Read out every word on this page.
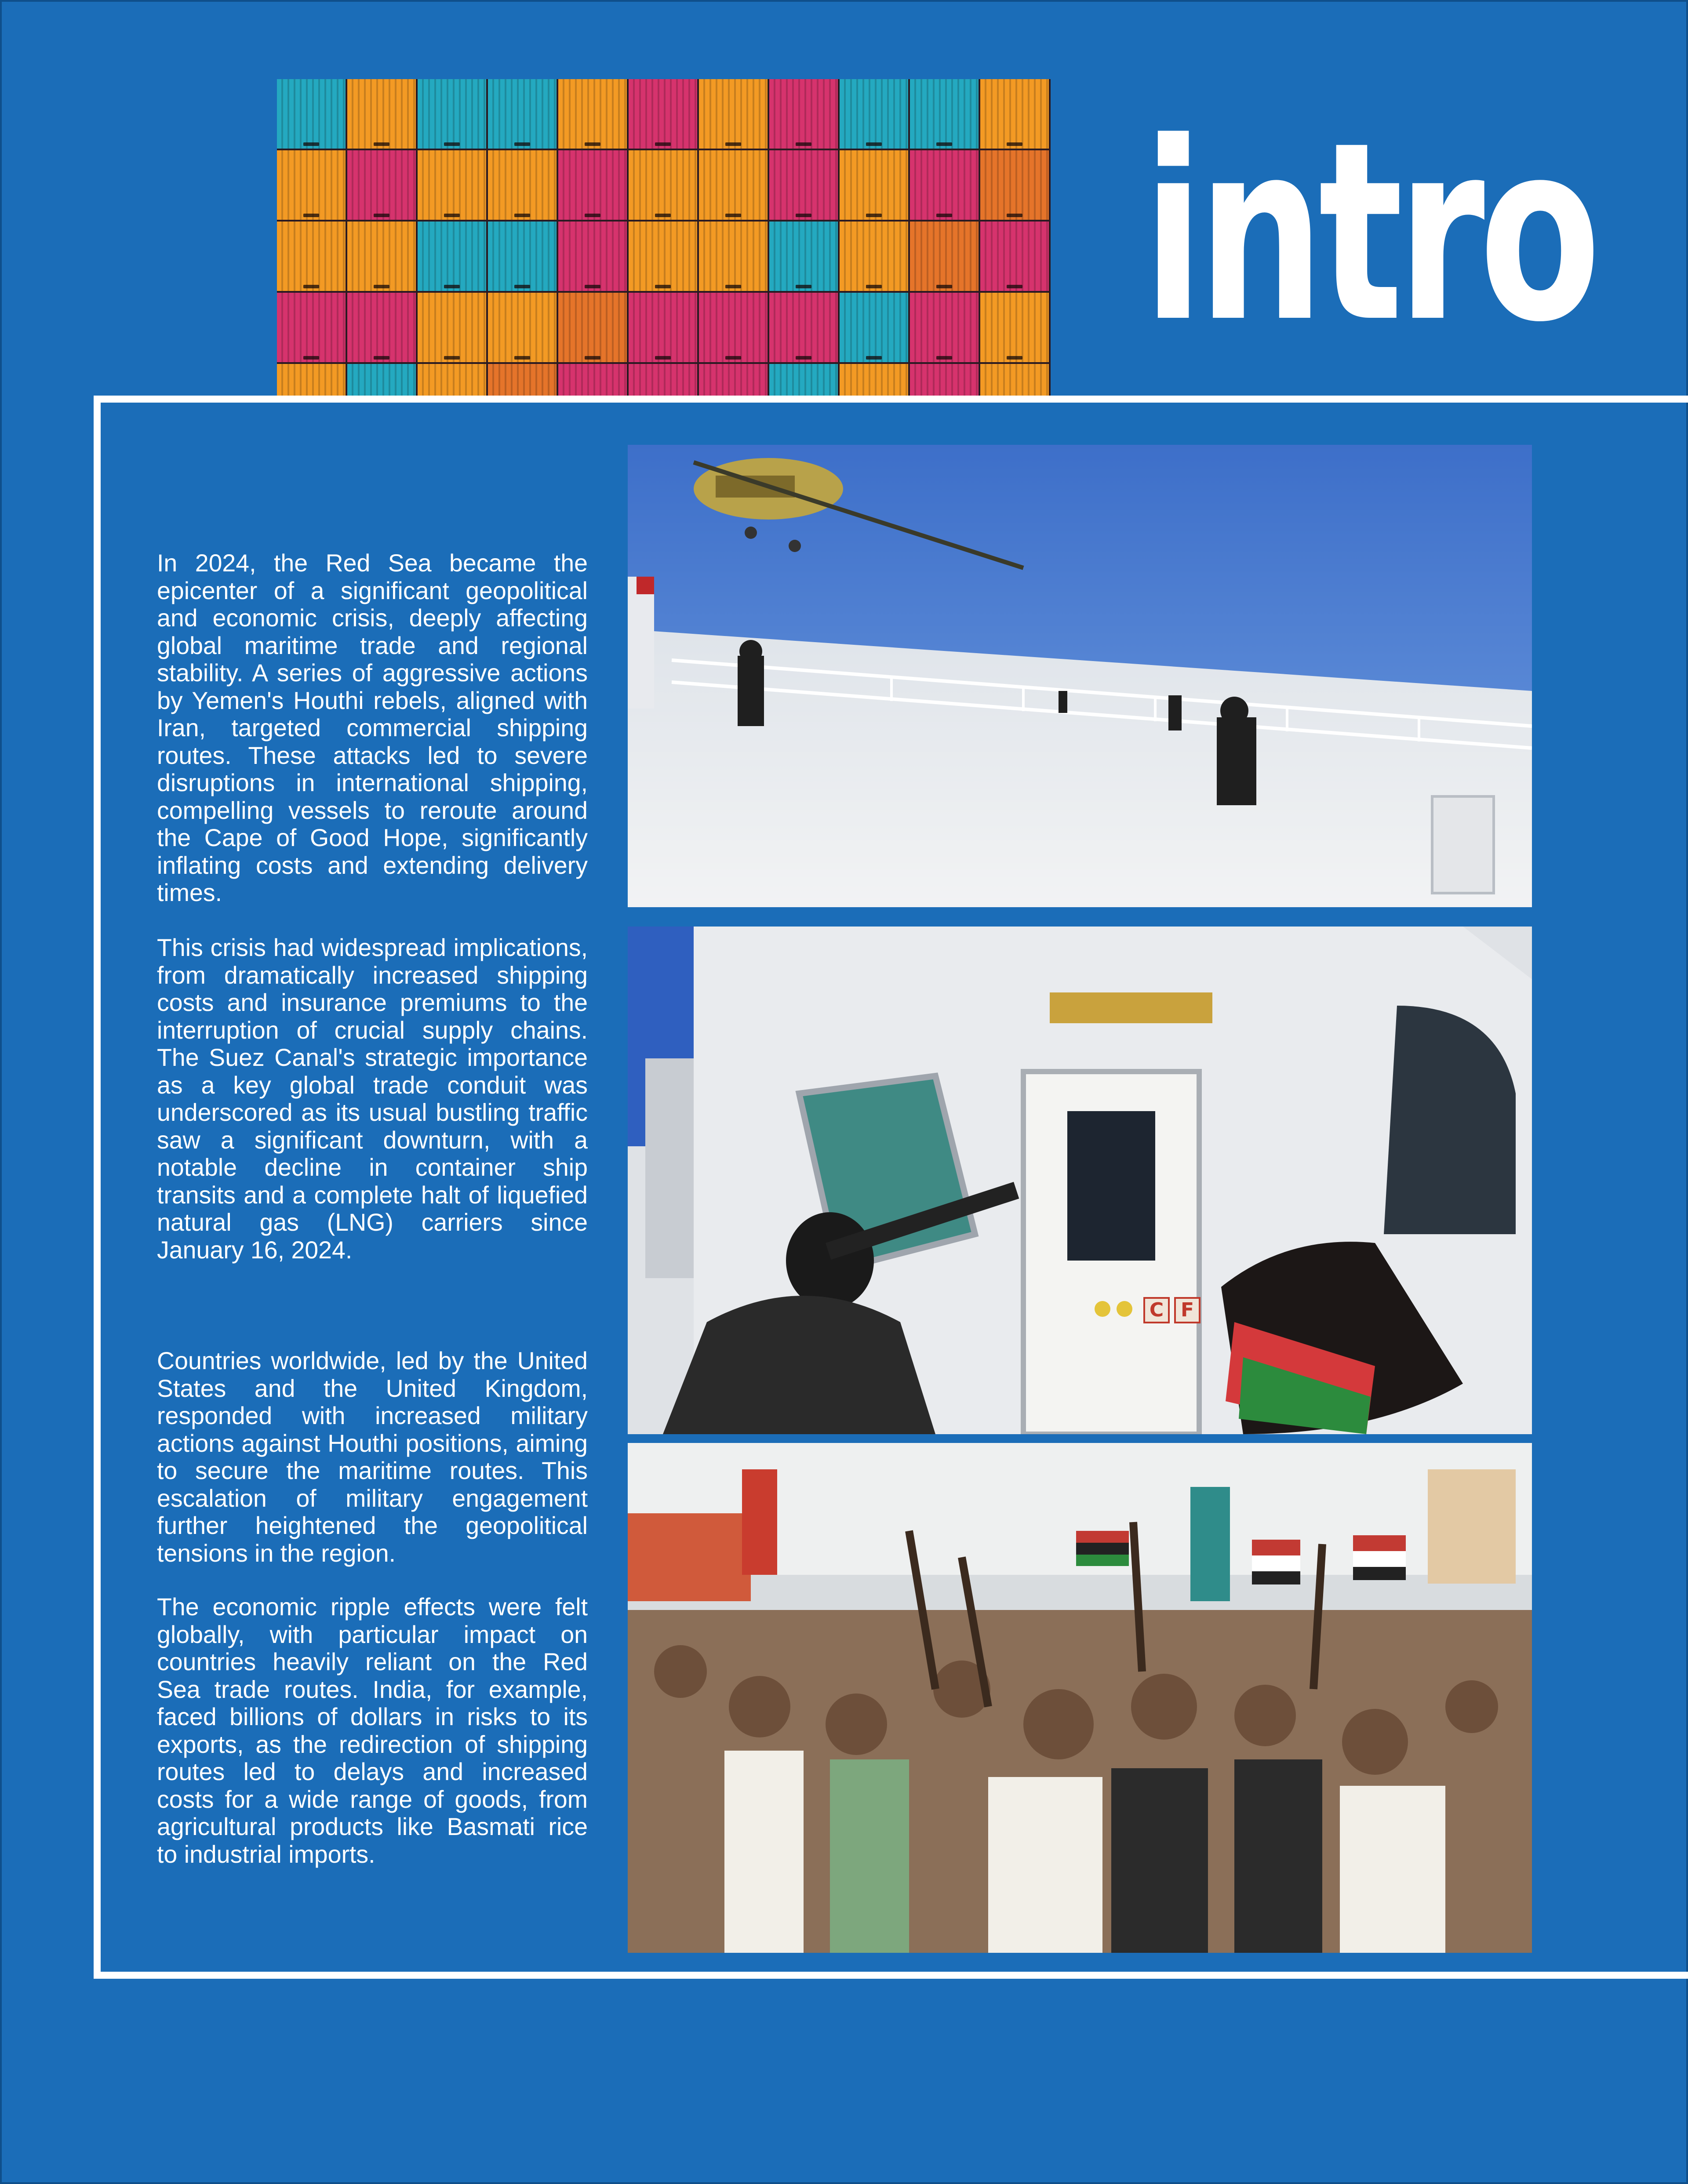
intro

In 2024, the Red Sea became the epicenter of a significant geopolitical and economic crisis, deeply affecting global maritime trade and regional stability. A series of aggressive actions by Yemen's Houthi rebels, aligned with Iran, targeted commercial shipping routes. These attacks led to severe disruptions in international shipping, compelling vessels to reroute around the Cape of Good Hope, significantly inflating costs and extending delivery times.

This crisis had widespread implications, from dramatically increased shipping costs and insurance premiums to the interruption of crucial supply chains. The Suez Canal's strategic importance as a key global trade conduit was underscored as its usual bustling traffic saw a significant downturn, with a notable decline in container ship transits and a complete halt of liquefied natural gas (LNG) carriers since January 16, 2024.

Countries worldwide, led by the United States and the United Kingdom, responded with increased military actions against Houthi positions, aiming to secure the maritime routes. This escalation of military engagement further heightened the geopolitical tensions in the region.

The economic ripple effects were felt globally, with particular impact on countries heavily reliant on the Red Sea trade routes. India, for example, faced billions of dollars in risks to its exports, as the redirection of shipping routes led to delays and increased costs for a wide range of goods, from agricultural products like Basmati rice to industrial imports.

C F
